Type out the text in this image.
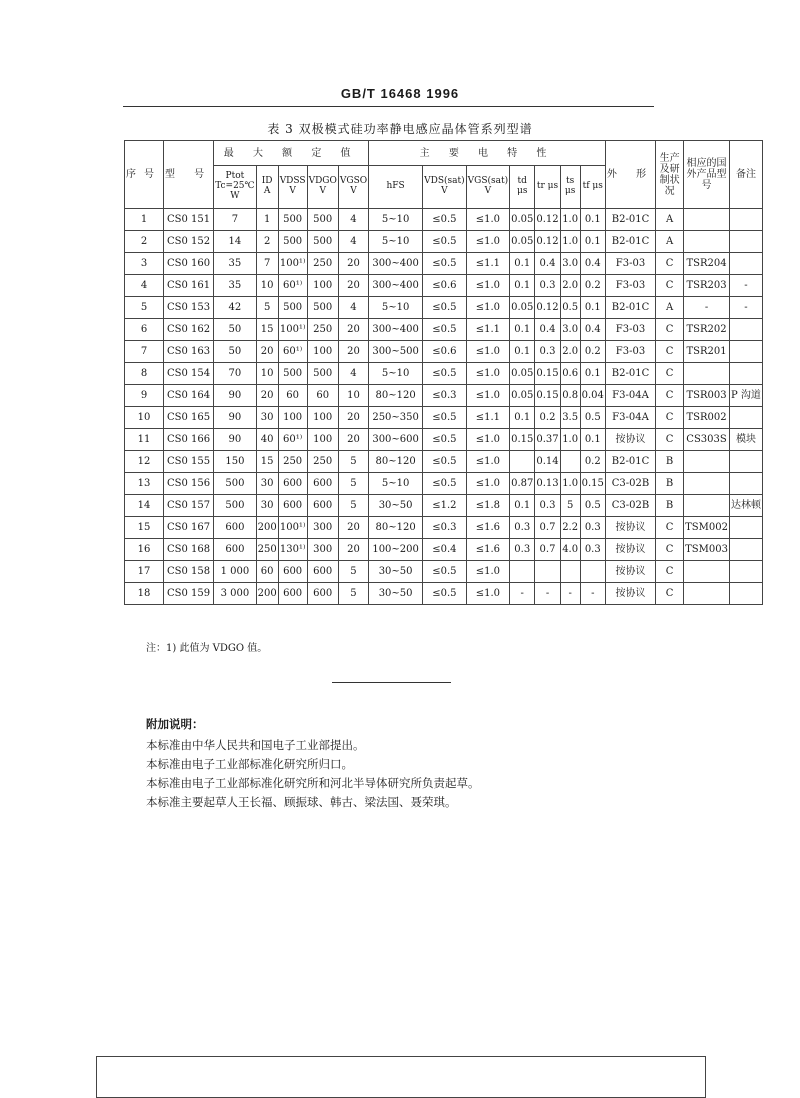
GB/T 16468 1996
表 3 双极模式硅功率静电感应晶体管系列型谱
序号	型 号	最 大 额 定 值					主 要 电 特 性							外 形	生产及研制状况	相应的国外产品型号	备注
		Ptot Tc=25℃ W	ID A	VDSS V	VDGO V	VGSO V	hFS	VDS(sat) V	VGS(sat) V	td μs	tr μs	ts μs	tf μs				
1	CS0 151	7	1	500	500	4	5~10	≤0.5	≤1.0	0.05	0.12	1.0	0.1	B2-01C	A		
2	CS0 152	14	2	500	500	4	5~10	≤0.5	≤1.0	0.05	0.12	1.0	0.1	B2-01C	A		
3	CS0 160	35	7	100¹⁾	250	20	300~400	≤0.5	≤1.1	0.1	0.4	3.0	0.4	F3-03	C	TSR204	
4	CS0 161	35	10	60¹⁾	100	20	300~400	≤0.6	≤1.0	0.1	0.3	2.0	0.2	F3-03	C	TSR203	-
5	CS0 153	42	5	500	500	4	5~10	≤0.5	≤1.0	0.05	0.12	0.5	0.1	B2-01C	A	-	-
6	CS0 162	50	15	100¹⁾	250	20	300~400	≤0.5	≤1.1	0.1	0.4	3.0	0.4	F3-03	C	TSR202	
7	CS0 163	50	20	60¹⁾	100	20	300~500	≤0.6	≤1.0	0.1	0.3	2.0	0.2	F3-03	C	TSR201	
8	CS0 154	70	10	500	500	4	5~10	≤0.5	≤1.0	0.05	0.15	0.6	0.1	B2-01C	C		
9	CS0 164	90	20	60	60	10	80~120	≤0.3	≤1.0	0.05	0.15	0.8	0.04	F3-04A	C	TSR003	P 沟道
10	CS0 165	90	30	100	100	20	250~350	≤0.5	≤1.1	0.1	0.2	3.5	0.5	F3-04A	C	TSR002	
11	CS0 166	90	40	60¹⁾	100	20	300~600	≤0.5	≤1.0	0.15	0.37	1.0	0.1	按协议	C	CS303S	模块
12	CS0 155	150	15	250	250	5	80~120	≤0.5	≤1.0		0.14		0.2	B2-01C	B		
13	CS0 156	500	30	600	600	5	5~10	≤0.5	≤1.0	0.87	0.13	1.0	0.15	C3-02B	B		
14	CS0 157	500	30	600	600	5	30~50	≤1.2	≤1.8	0.1	0.3	5	0.5	C3-02B	B		达林顿
15	CS0 167	600	200	100¹⁾	300	20	80~120	≤0.3	≤1.6	0.3	0.7	2.2	0.3	按协议	C	TSM002	
16	CS0 168	600	250	130¹⁾	300	20	100~200	≤0.4	≤1.6	0.3	0.7	4.0	0.3	按协议	C	TSM003	
17	CS0 158	1 000	60	600	600	5	30~50	≤0.5	≤1.0					按协议	C		
18	CS0 159	3 000	200	600	600	5	30~50	≤0.5	≤1.0	-	-	-	-	按协议	C		
注：1) 此值为 VDGO 值。
附加说明：
本标准由中华人民共和国电子工业部提出。
本标准由电子工业部标准化研究所归口。
本标准由电子工业部标准化研究所和河北半导体研究所负责起草。
本标准主要起草人王长福、顾振球、韩古、梁法国、聂荣琪。
